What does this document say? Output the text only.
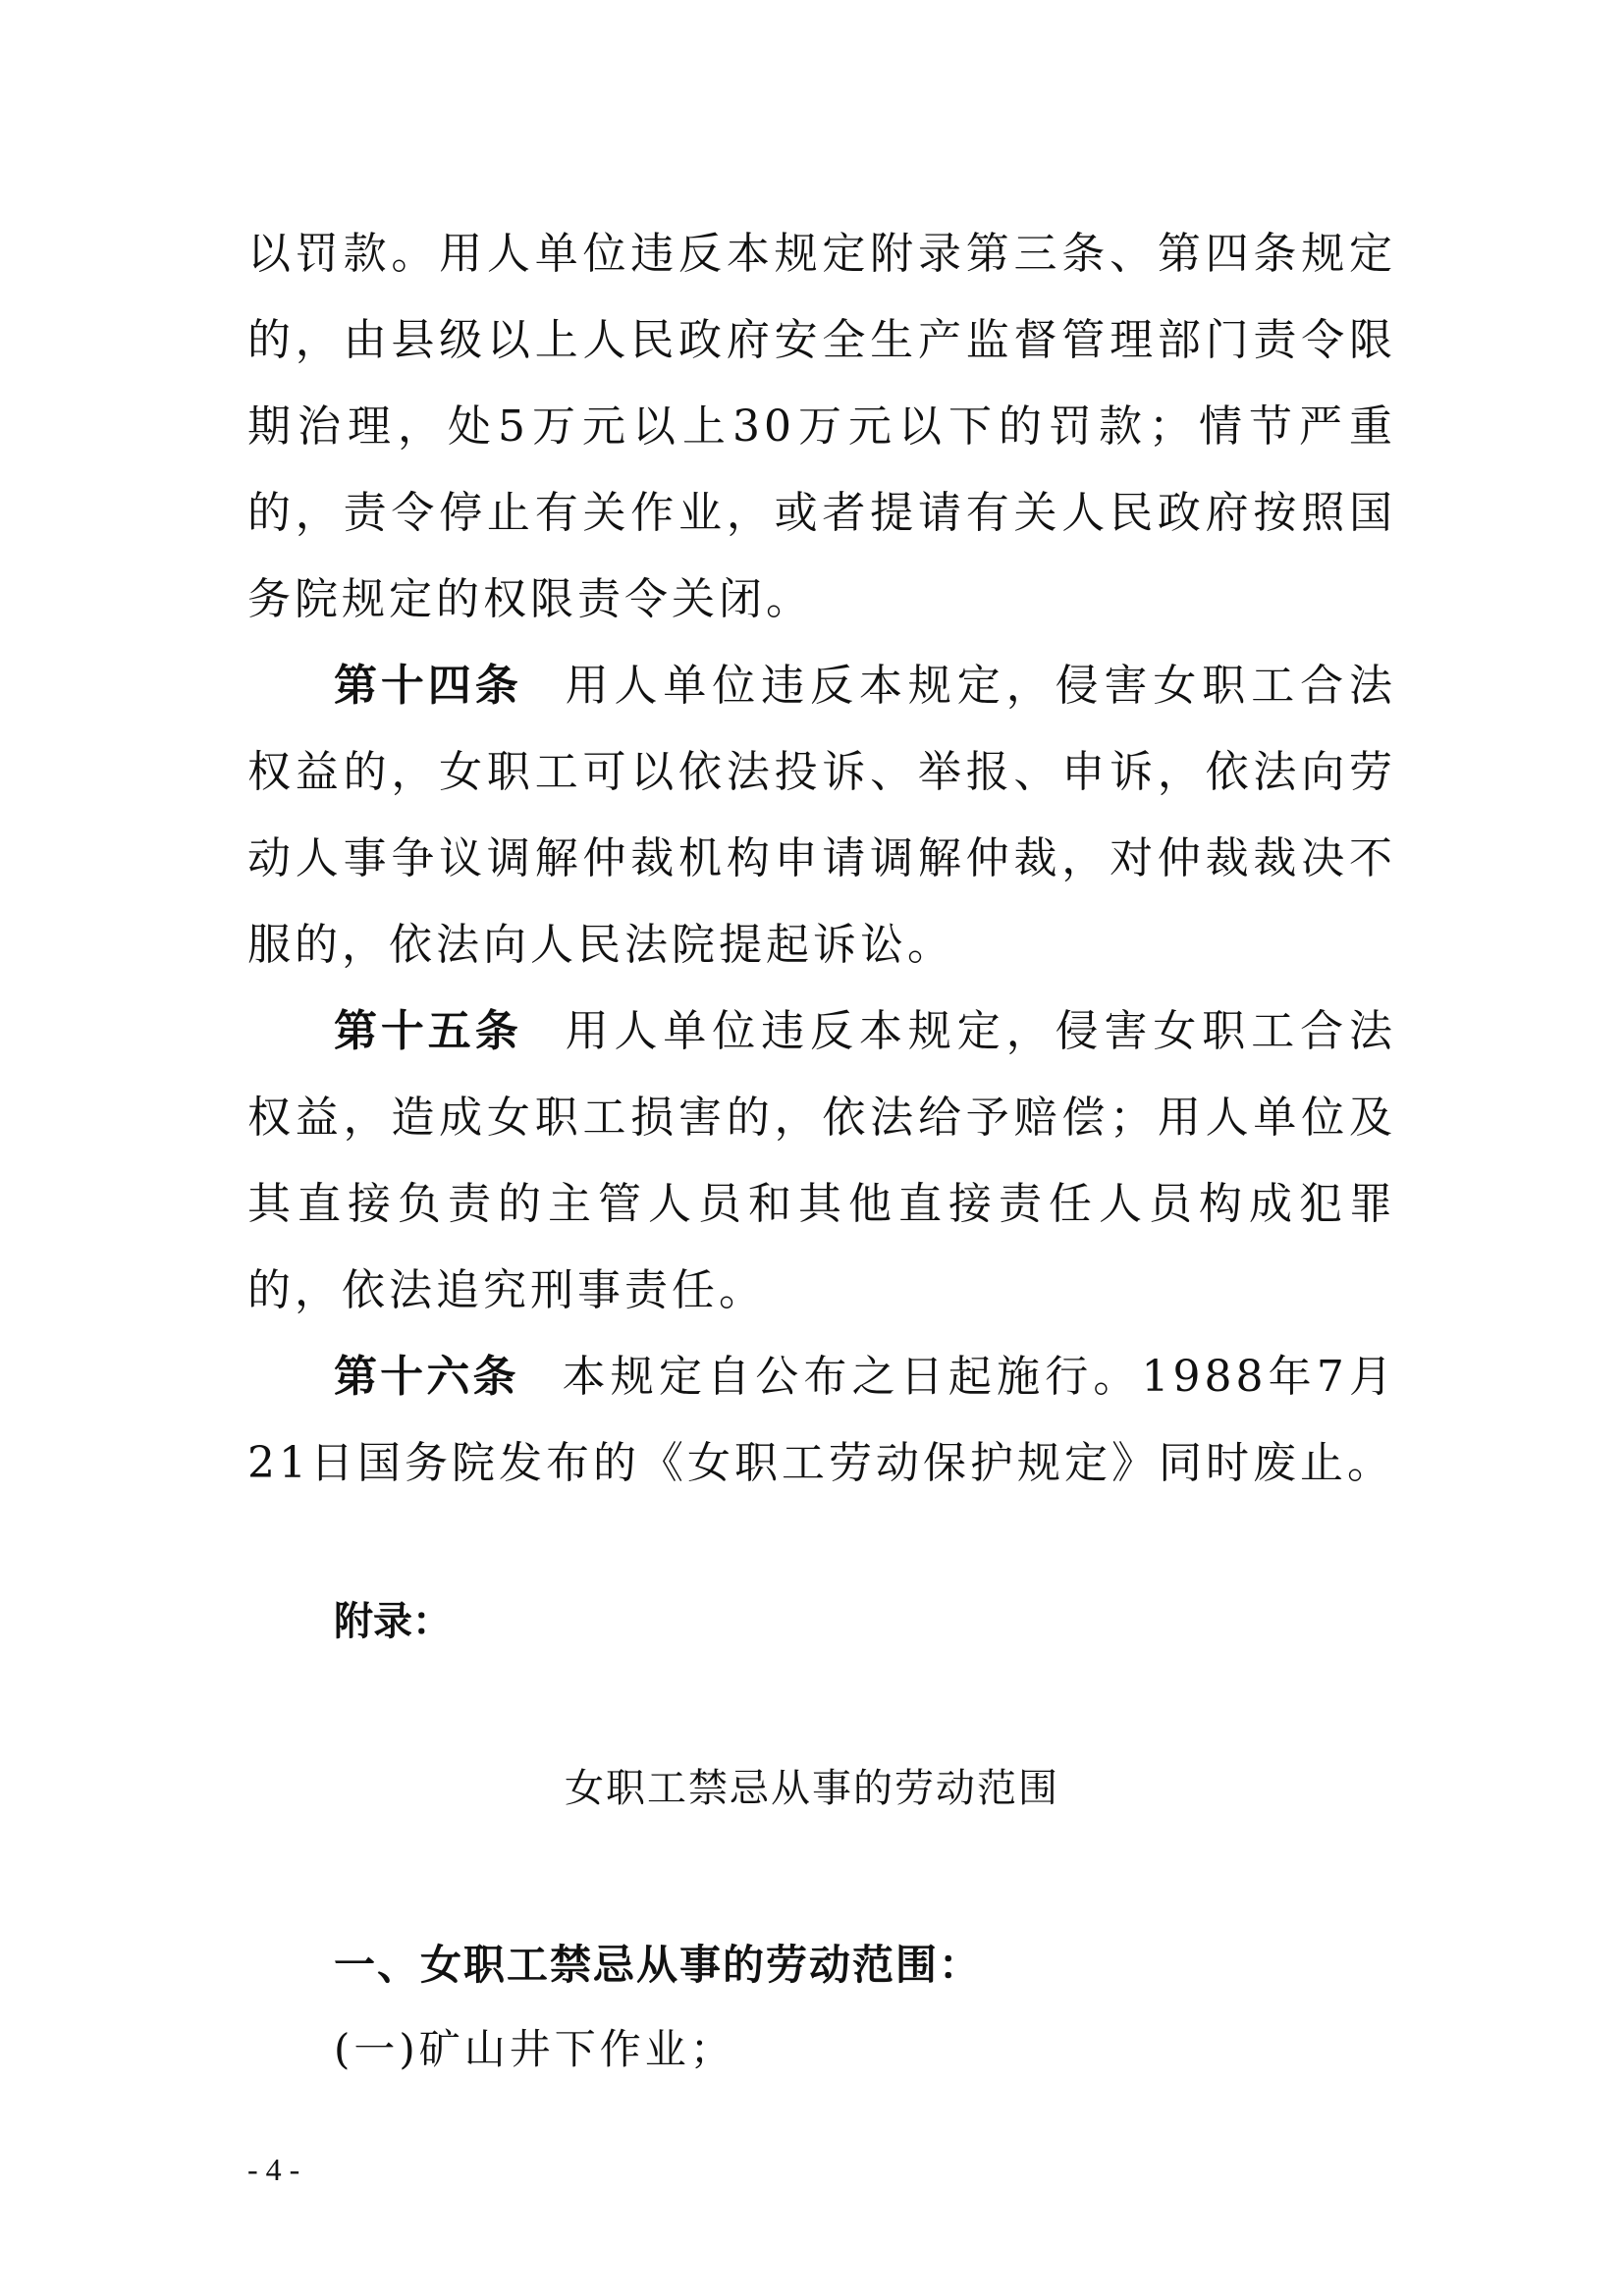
以罚款。用人单位违反本规定附录第三条、第四条规定的，由县级以上人民政府安全生产监督管理部门责令限期治理，处5万元以上30万元以下的罚款；情节严重的，责令停止有关作业，或者提请有关人民政府按照国务院规定的权限责令关闭。

第十四条 用人单位违反本规定，侵害女职工合法权益的，女职工可以依法投诉、举报、申诉，依法向劳动人事争议调解仲裁机构申请调解仲裁，对仲裁裁决不服的，依法向人民法院提起诉讼。

第十五条 用人单位违反本规定，侵害女职工合法权益，造成女职工损害的，依法给予赔偿；用人单位及其直接负责的主管人员和其他直接责任人员构成犯罪的，依法追究刑事责任。

第十六条 本规定自公布之日起施行。1988年7月21日国务院发布的《女职工劳动保护规定》同时废止。

附录：

女职工禁忌从事的劳动范围

一、女职工禁忌从事的劳动范围：

(一)矿山井下作业；

- 4 -
